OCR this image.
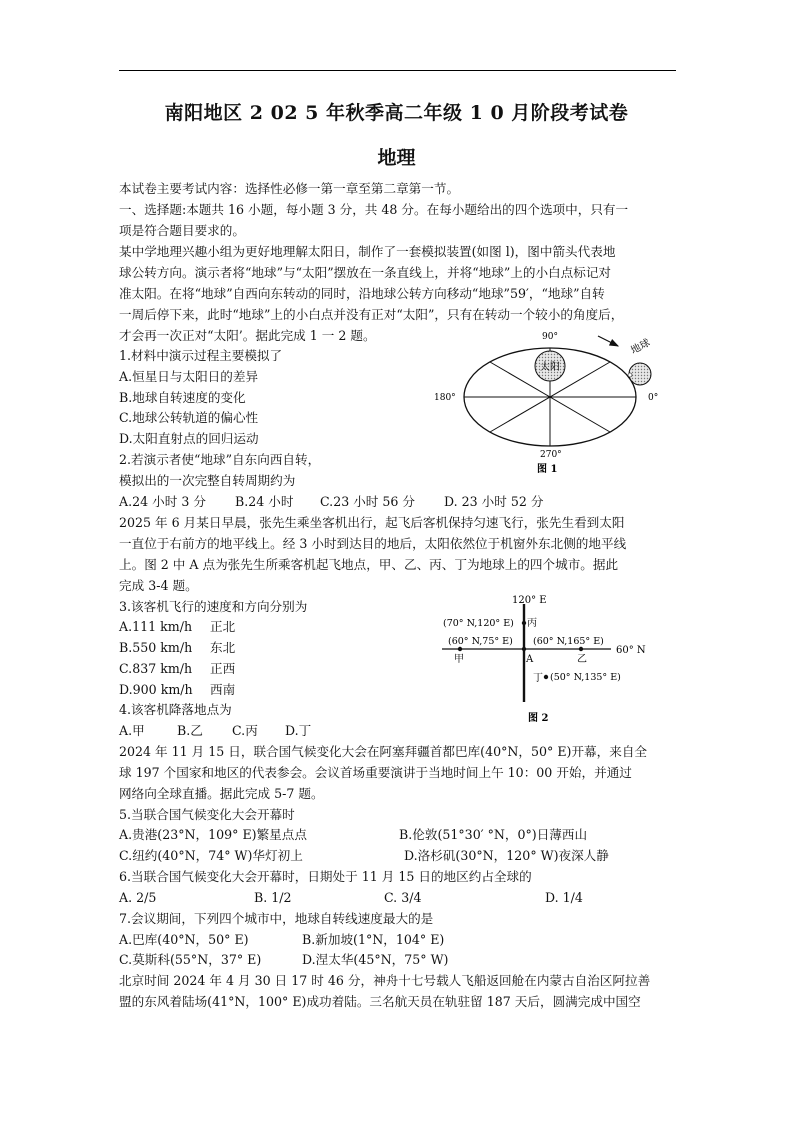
南阳地区 2 02 5 年秋季高二年级 1 0 月阶段考试卷
地理
本试卷主要考试内容：选择性必修一第一章至第二章第一节。
一、选择题:本题共 16 小题，每小题 3 分，共 48 分。在每小题给出的四个选项中，只有一
项是符合题目要求的。
某中学地理兴趣小组为更好地理解太阳日，制作了一套模拟装置(如图 l)，图中箭头代表地
球公转方向。演示者将“地球”与“太阳”摆放在一条直线上，并将“地球”上的小白点标记对
准太阳。在将“地球”自西向东转动的同时，沿地球公转方向移动“地球”59′，“地球”自转
一周后停下来，此时“地球”上的小白点并没有正对“太阳”，只有在转动一个较小的角度后，
才会再一次正对“太阳’。据此完成 1 一 2 题。
1.材料中演示过程主要模拟了
A.恒星日与太阳日的差异
B.地球自转速度的变化
C.地球公转轨道的偏心性
D.太阳直射点的回归运动
2.若演示者使“地球”自东向西自转，
模拟出的一次完整自转周期约为
A.24 小时 3 分 B.24 小时 C.23 小时 56 分 D. 23 小时 52 分
太阳
地球
90°
180°	0°
270°
图 1
2025 年 6 月某日早晨，张先生乘坐客机出行，起飞后客机保持匀速飞行，张先生看到太阳
一直位于右前方的地平线上。经 3 小时到达目的地后，太阳依然位于机窗外东北侧的地平线
上。图 2 中 A 点为张先生所乘客机起飞地点，甲、乙、丙、丁为地球上的四个城市。据此
完成 3-4 题。
3.该客机飞行的速度和方向分别为
A.111 km/h 正北
B.550 km/h 东北
C.837 km/h 正西
D.900 km/h 西南
4.该客机降落地点为
A.甲	B.乙 C.丙 D.丁
120° E
60° N
(70° N,120° E) 丙
(60° N,75° E)
甲
(60° N,165° E)
乙
A
丁 (50° N,135° E)
图 2
2024 年 11 月 15 日，联合国气候变化大会在阿塞拜疆首都巴库(40°N，50° E)开幕，来自全
球 197 个国家和地区的代表参会。会议首场重要演讲于当地时间上午 10：00 开始，并通过
网络向全球直播。据此完成 5-7 题。
5.当联合国气候变化大会开幕时
A.贵港(23°N，109° E)繁星点点	B.伦敦(51°30′ °N，0°)日薄西山
C.纽约(40°N，74° W)华灯初上	D.洛杉矶(30°N，120° W)夜深人静
6.当联合国气候变化大会开幕时，日期处于 11 月 15 日的地区约占全球的
A. 2/5	B. 1/2	C. 3/4	D. 1/4
7.会议期间，下列四个城市中，地球自转线速度最大的是
A.巴库(40°N，50° E)	B.新加坡(1°N，104° E)
C.莫斯科(55°N，37° E)	D.涅太华(45°N，75° W)
北京时间 2024 年 4 月 30 日 17 时 46 分，神舟十七号载人飞船返回舱在内蒙古自治区阿拉善
盟的东风着陆场(41°N，100° E)成功着陆。三名航天员在轨驻留 187 天后，圆满完成中国空
